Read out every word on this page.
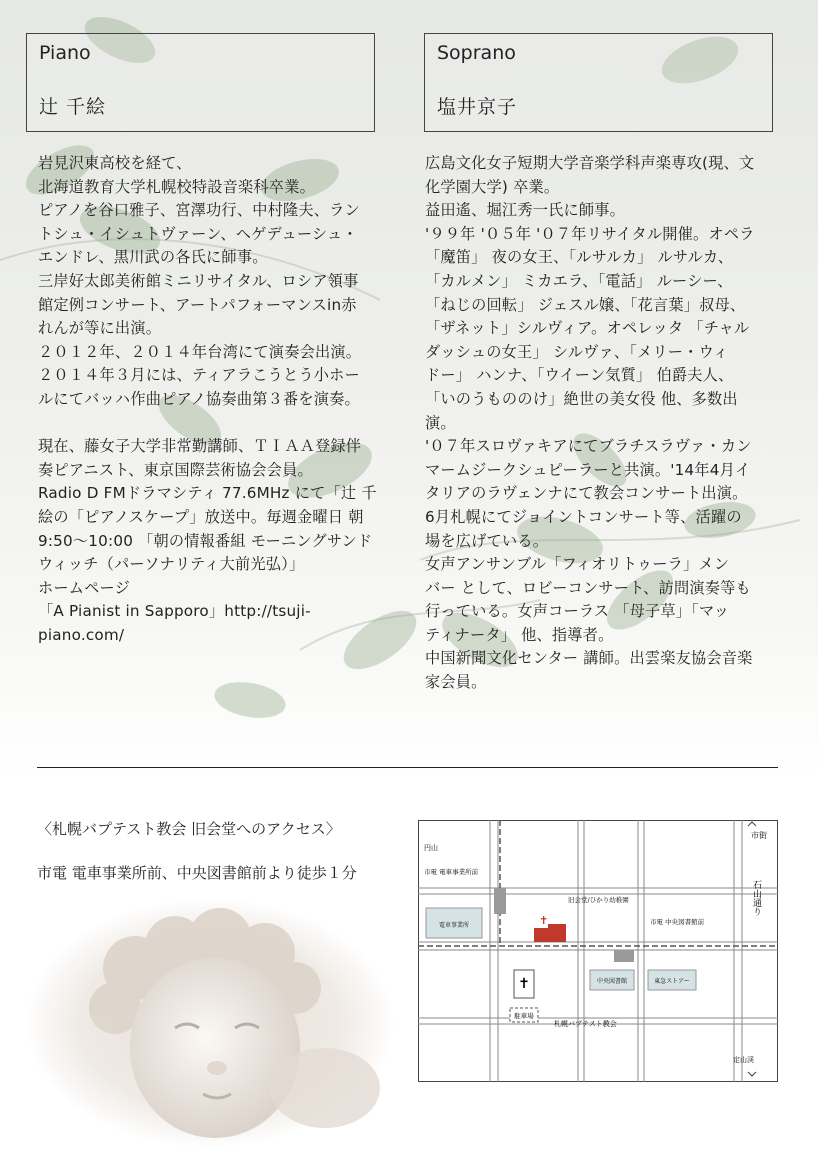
Piano
辻 千絵
Soprano
塩井京子
岩見沢東高校を経て、
北海道教育大学札幌校特設音楽科卒業。
ピアノを谷口雅子、宮澤功行、中村隆夫、ラン
トシュ・イシュトヴァーン、ヘゲデューシュ・
エンドレ、黒川武の各氏に師事。
三岸好太郎美術館ミニリサイタル、ロシア領事
館定例コンサート、アートパフォーマンスin赤
れんが等に出演。
２０１２年、２０１４年台湾にて演奏会出演。
２０１４年３月には、ティアラこうとう小ホー
ルにてバッハ作曲ピアノ協奏曲第３番を演奏。

現在、藤女子大学非常勤講師、ＴＩＡＡ登録伴
奏ピアニスト、東京国際芸術協会会員。
Radio D FMドラマシティ 77.6MHz にて「辻 千
絵の「ピアノスケープ」放送中。毎週金曜日 朝
9:50〜10:00 「朝の情報番組 モーニングサンド
ウィッチ（パーソナリティ大前光弘）」
ホームページ
「A Pianist in Sapporo」http://tsuji-piano.com/
広島文化女子短期大学音楽学科声楽専攻(現、文
化学園大学) 卒業。
益田遙、堀江秀一氏に師事。
'９９年 '０５年 '０７年リサイタル開催。オペラ
「魔笛」 夜の女王、「ルサルカ」 ルサルカ、
「カルメン」 ミカエラ、「電話」 ルーシー、
「ねじの回転」 ジェスル嬢、「花言葉」叔母、
「ザネット」シルヴィア。オペレッタ 「チャル
ダッシュの女王」 シルヴァ、「メリー・ウィ
ドー」 ハンナ、「ウイーン気質」 伯爵夫人、
「いのうもののけ」絶世の美女役 他、多数出
演。
'０７年スロヴァキアにてブラチスラヴァ・カン
マームジークシュピーラーと共演。'14年4月イ
タリアのラヴェンナにて教会コンサート出演。
6月札幌にてジョイントコンサート等、活躍の
場を広げている。
女声アンサンブル「フィオリトゥーラ」メン
バー として、ロビーコンサート、訪問演奏等も
行っている。女声コーラス 「母子草」「マッ
ティナータ」 他、指導者。
中国新聞文化センター 講師。出雲楽友協会音楽
家会員。
〈札幌バプテスト教会 旧会堂へのアクセス〉
市電 電車事業所前、中央図書館前より徒歩１分
電車事業所
中央図書館	東急ストアー
✝
旧会堂/ひかり幼稚園
円山
市電 電車事業所前
市電 中央図書館前
✝
駐車場
札幌バプテスト教会
市街
石山通り
定山渓
